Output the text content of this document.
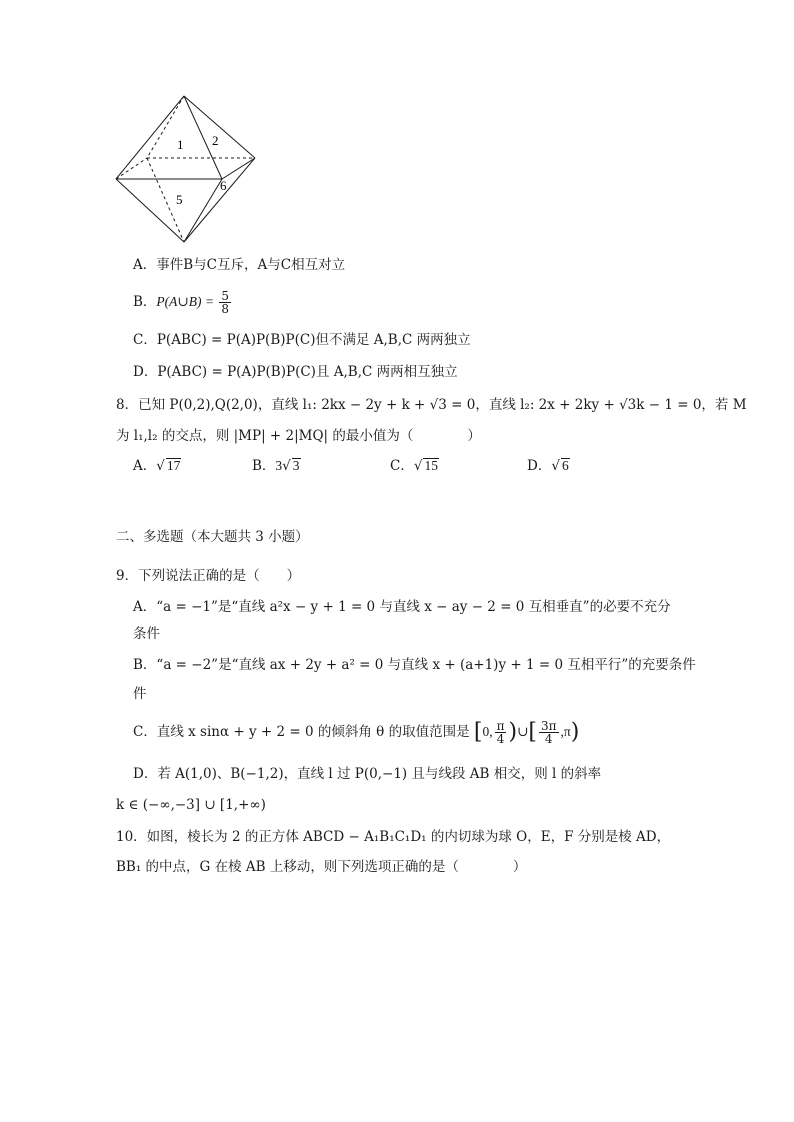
1 2
5
6
A．事件B与C互斥，A与C相互对立
B．P(A∪B) = $\frac{5}{8}$
C．P(ABC) = P(A)P(B)P(C)但不满足 A,B,C 两两独立
D．P(ABC) = P(A)P(B)P(C)且 A,B,C 两两相互独立
8．已知 P(0,2),Q(2,0)，直线 l₁: 2kx − 2y + k + √3 = 0，直线 l₂: 2x + 2ky + √3k − 1 = 0，若 M
为 l₁,l₂ 的交点，则 |MP| + 2|MQ| 的最小值为（　　　　）
A．√ 17	B．3√ 3	C．√ 15	D．√ 6
二、多选题（本大题共 3 小题）
9．下列说法正确的是（　　）
A．“a = −1”是“直线 a²x − y + 1 = 0 与直线 x − ay − 2 = 0 互相垂直”的必要不充分
条件
B．“a = −2”是“直线 ax + 2y + a² = 0 与直线 x + (a+1)y + 1 = 0 互相平行”的充要条件
件
C．直线 x sinα + y + 2 = 0 的倾斜角 θ 的取值范围是 [0, $\frac{\pi}{4}$ )∪[ $\frac{3\pi}{4} ,\pi$)
D．若 A(1,0)、B(−1,2)，直线 l 过 P(0,−1) 且与线段 AB 相交，则 l 的斜率
k ∈ (−∞,−3] ∪ [1,+∞)
10．如图，棱长为 2 的正方体 ABCD − A₁B₁C₁D₁ 的内切球为球 O，E，F 分别是棱 AD，
BB₁ 的中点，G 在棱 AB 上移动，则下列选项正确的是（　　　　）
